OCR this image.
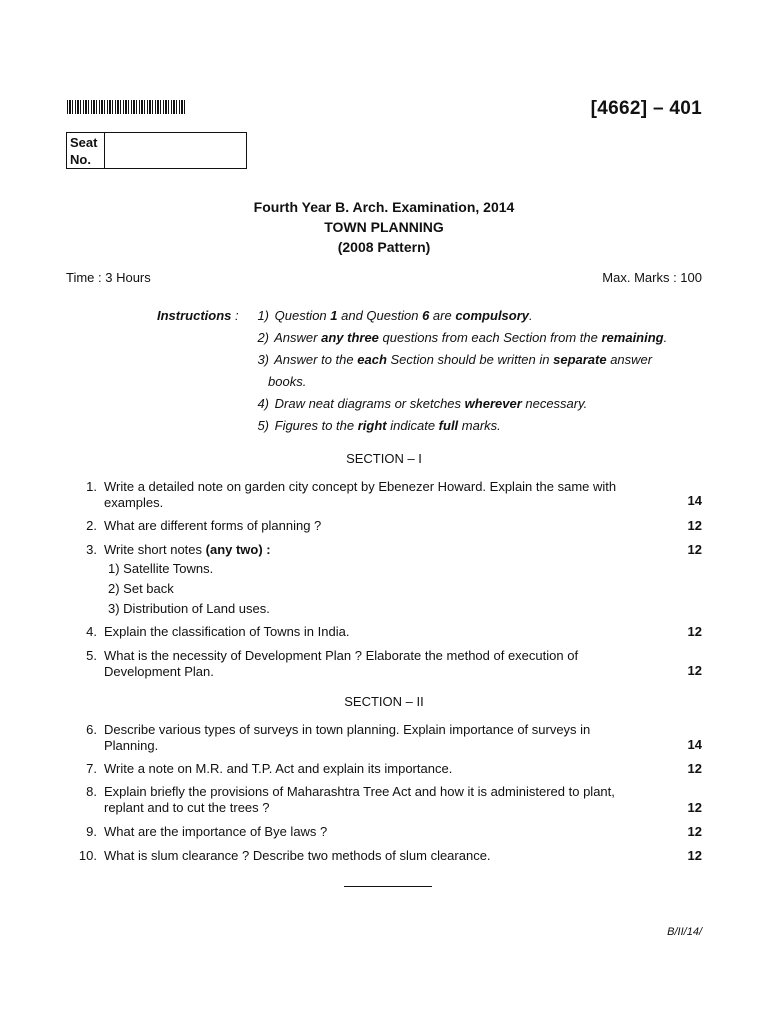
[4662] – 401
Seat
No.
Fourth Year B. Arch. Examination, 2014
TOWN PLANNING
(2008 Pattern)
Time : 3 Hours	Max. Marks : 100
Instructions :	1) Question 1 and Question 6 are compulsory.
2) Answer any three questions from each Section from the remaining.
3) Answer to the each Section should be written in separate answer
books.
4) Draw neat diagrams or sketches wherever necessary.
5) Figures to the right indicate full marks.
SECTION – I
1. Write a detailed note on garden city concept by Ebenezer Howard. Explain the same with
examples.	14
2. What are different forms of planning ?	12
3. Write short notes (any two) :	12
1) Satellite Towns.
2) Set back
3) Distribution of Land uses.
4. Explain the classification of Towns in India.	12
5. What is the necessity of Development Plan ? Elaborate the method of execution of
Development Plan.	12
SECTION – II
6. Describe various types of surveys in town planning. Explain importance of surveys in
Planning.	14
7. Write a note on M.R. and T.P. Act and explain its importance.	12
8. Explain briefly the provisions of Maharashtra Tree Act and how it is administered to plant,
replant and to cut the trees ?	12
9. What are the importance of Bye laws ?	12
10. What is slum clearance ? Describe two methods of slum clearance.	12
B/II/14/
